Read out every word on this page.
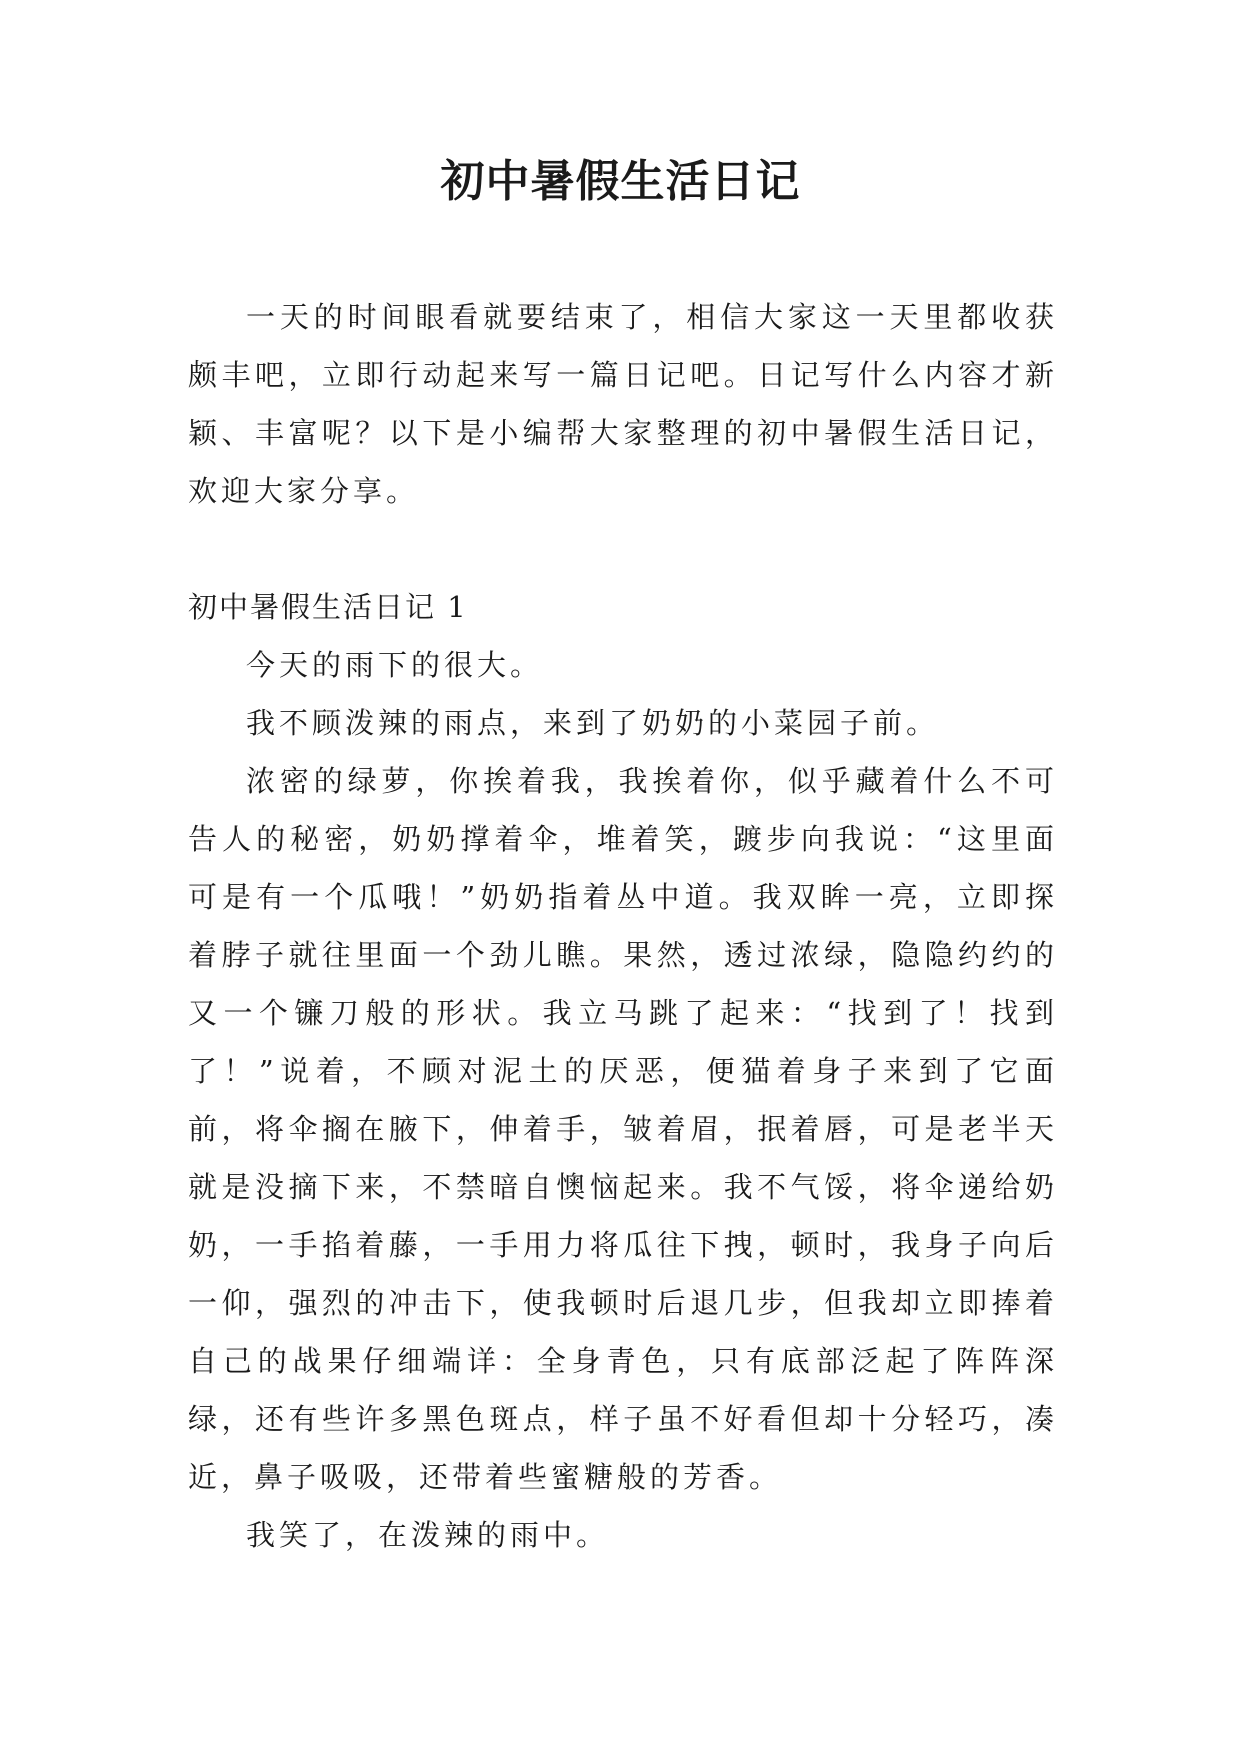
初中暑假生活日记

一天的时间眼看就要结束了，相信大家这一天里都收获颇丰吧，立即行动起来写一篇日记吧。日记写什么内容才新颖、丰富呢？以下是小编帮大家整理的初中暑假生活日记，欢迎大家分享。

初中暑假生活日记 1

今天的雨下的很大。

我不顾泼辣的雨点，来到了奶奶的小菜园子前。

浓密的绿萝，你挨着我，我挨着你，似乎藏着什么不可告人的秘密，奶奶撑着伞，堆着笑，踱步向我说：“这里面可是有一个瓜哦！”奶奶指着丛中道。我双眸一亮，立即探着脖子就往里面一个劲儿瞧。果然，透过浓绿，隐隐约约的又一个镰刀般的形状。我立马跳了起来：“找到了！找到了！”说着，不顾对泥土的厌恶，便猫着身子来到了它面前，将伞搁在腋下，伸着手，皱着眉，抿着唇，可是老半天就是没摘下来，不禁暗自懊恼起来。我不气馁，将伞递给奶奶，一手掐着藤，一手用力将瓜往下拽，顿时，我身子向后一仰，强烈的冲击下，使我顿时后退几步，但我却立即捧着自己的战果仔细端详：全身青色，只有底部泛起了阵阵深绿，还有些许多黑色斑点，样子虽不好看但却十分轻巧，凑近，鼻子吸吸，还带着些蜜糖般的芳香。

我笑了，在泼辣的雨中。
